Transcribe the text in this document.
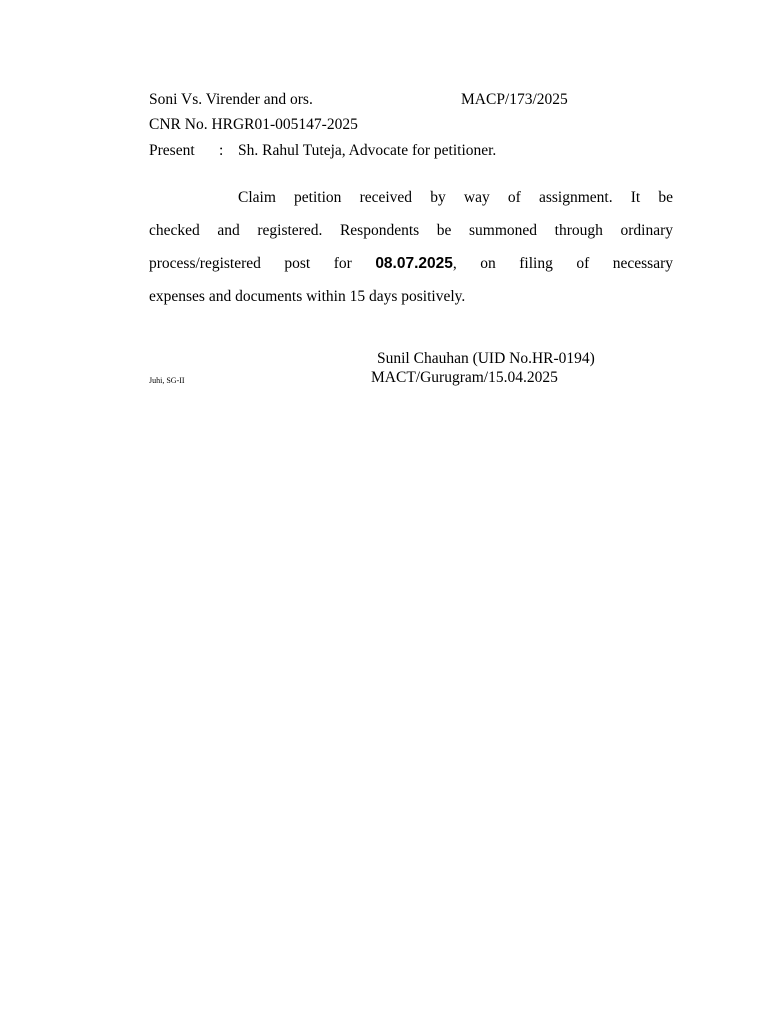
Soni Vs. Virender and ors.	MACP/173/2025
CNR No. HRGR01-005147-2025
Present : Sh. Rahul Tuteja, Advocate for petitioner.
Claim petition received by way of assignment. It be
checked and registered. Respondents be summoned through ordinary
process/registered post for 08.07.2025, on filing of necessary
expenses and documents within 15 days positively.
Sunil Chauhan (UID No.HR-0194)
MACT/Gurugram/15.04.2025
Juhi, SG-II
